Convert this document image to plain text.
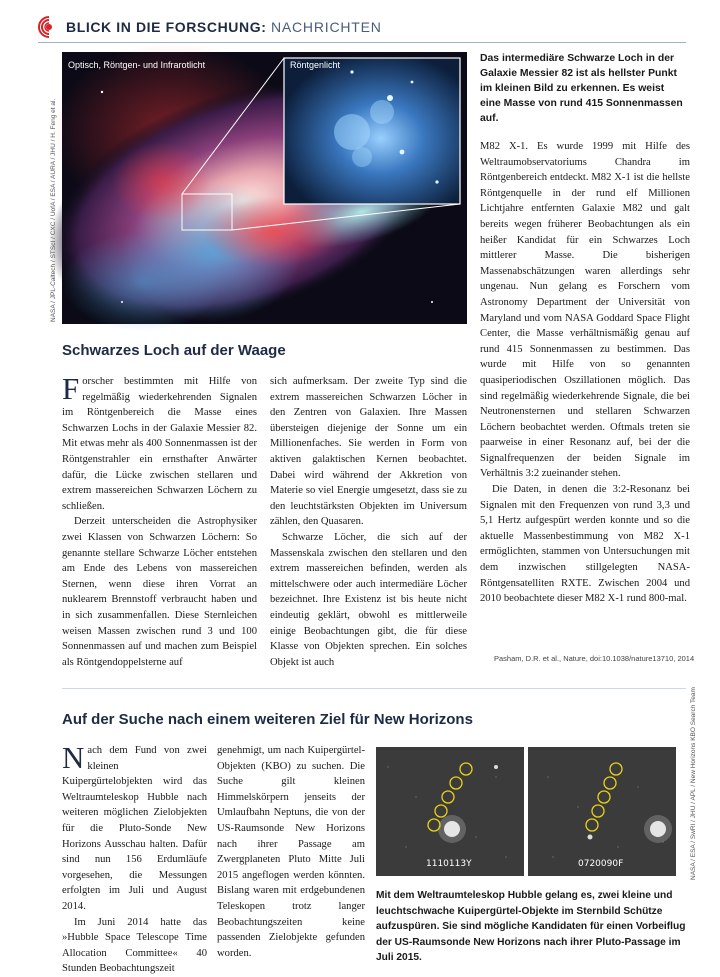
BLICK IN DIE FORSCHUNG: NACHRICHTEN
Optisch, Röntgen- und Infrarotlicht	Röntgenlicht
NASA / JPL-Caltech / STScI / CXC / UofA / ESA / AURA / JHU / H. Feng et al.
Das intermediäre Schwarze Loch in der Galaxie Messier 82 ist als hellster Punkt im kleinen Bild zu erkennen. Es weist eine Masse von rund 415 Sonnenmassen auf.

M82 X-1. Es wurde 1999 mit Hilfe des Weltraumobservatoriums Chandra im Röntgenbereich entdeckt. M82 X-1 ist die hellste Röntgenquelle in der rund elf Millionen Lichtjahre entfernten Galaxie M82 und galt bereits wegen früherer Beobachtungen als ein heißer Kandidat für ein Schwarzes Loch mittlerer Masse. Die bisherigen Massenabschätzungen waren allerdings sehr ungenau. Nun gelang es Forschern vom Astronomy Department der Universität von Maryland und vom NASA Goddard Space Flight Center, die Masse verhältnismäßig genau auf rund 415 Sonnenmassen zu bestimmen. Das wurde mit Hilfe von so genannten quasiperiodischen Oszillationen möglich. Das sind regelmäßig wiederkehrende Signale, die bei Neutronensternen und stellaren Schwarzen Löchern beobachtet werden. Oftmals treten sie paarweise in einer Resonanz auf, bei der die Signalfrequenzen der beiden Signale im Verhältnis 3:2 zueinander stehen.

Die Daten, in denen die 3:2-Resonanz bei Signalen mit den Frequenzen von rund 3,3 und 5,1 Hertz aufgespürt werden konnte und so die aktuelle Massenbestimmung von M82 X-1 ermöglichten, stammen von Untersuchungen mit dem inzwischen stillgelegten NASA-Röntgensatelliten RXTE. Zwischen 2004 und 2010 beobachtete dieser M82 X-1 rund 800-mal.

Pasham, D.R. et al., Nature, doi:10.1038/nature13710, 2014
Schwarzes Loch auf der Waage

Forscher bestimmten mit Hilfe von regelmäßig wiederkehrenden Signalen im Röntgenbereich die Masse eines Schwarzen Lochs in der Galaxie Messier 82. Mit etwas mehr als 400 Sonnenmassen ist der Röntgenstrahler ein ernsthafter Anwärter dafür, die Lücke zwischen stellaren und extrem massereichen Schwarzen Löchern zu schließen.

Derzeit unterscheiden die Astrophysiker zwei Klassen von Schwarzen Löchern: So genannte stellare Schwarze Löcher entstehen am Ende des Lebens von massereichen Sternen, wenn diese ihren Vorrat an nuklearem Brennstoff verbraucht haben und in sich zusammenfallen. Diese Sternleichen weisen Massen zwischen rund 3 und 100 Sonnenmassen auf und machen zum Beispiel als Röntgendoppelsterne auf

sich aufmerksam. Der zweite Typ sind die extrem massereichen Schwarzen Löcher in den Zentren von Galaxien. Ihre Massen übersteigen diejenige der Sonne um ein Millionenfaches. Sie werden in Form von aktiven galaktischen Kernen beobachtet. Dabei wird während der Akkretion von Materie so viel Energie umgesetzt, dass sie zu den leuchtstärksten Objekten im Universum zählen, den Quasaren.

Schwarze Löcher, die sich auf der Massenskala zwischen den stellaren und den extrem massereichen befinden, werden als mittelschwere oder auch intermediäre Löcher bezeichnet. Ihre Existenz ist bis heute nicht eindeutig geklärt, obwohl es mittlerweile einige Beobachtungen gibt, die für diese Klasse von Objekten sprechen. Ein solches Objekt ist auch

Auf der Suche nach einem weiteren Ziel für New Horizons

Nach dem Fund von zwei kleinen Kuipergürtelobjekten wird das Weltraumteleskop Hubble nach weiteren möglichen Zielobjekten für die Pluto-Sonde New Horizons Ausschau halten. Dafür sind nun 156 Erdumläufe vorgesehen, die Messungen erfolgten im Juli und August 2014.

Im Juni 2014 hatte das »Hubble Space Telescope Time Allocation Committee« 40 Stunden Beobachtungszeit

genehmigt, um nach Kuipergürtel-Objekten (KBO) zu suchen. Die Suche gilt kleinen Himmelskörpern jenseits der Umlaufbahn Neptuns, die von der US-Raumsonde New Horizons nach ihrer Passage am Zwergplaneten Pluto Mitte Juli 2015 angeflogen werden könnten. Bislang waren mit erdgebundenen Teleskopen trotz langer Beobachtungszeiten keine passenden Zielobjekte gefunden worden.

1110113Y	0720090F	NASA / ESA / SwRI / JHU / APL / New Horizons KBO Search Team
Mit dem Weltraumteleskop Hubble gelang es, zwei kleine und leuchtschwache Kuipergürtel-Objekte im Sternbild Schütze aufzuspüren. Sie sind mögliche Kandidaten für einen Vorbeiflug der US-Raumsonde New Horizons nach ihrer Pluto-Passage im Juli 2015.
